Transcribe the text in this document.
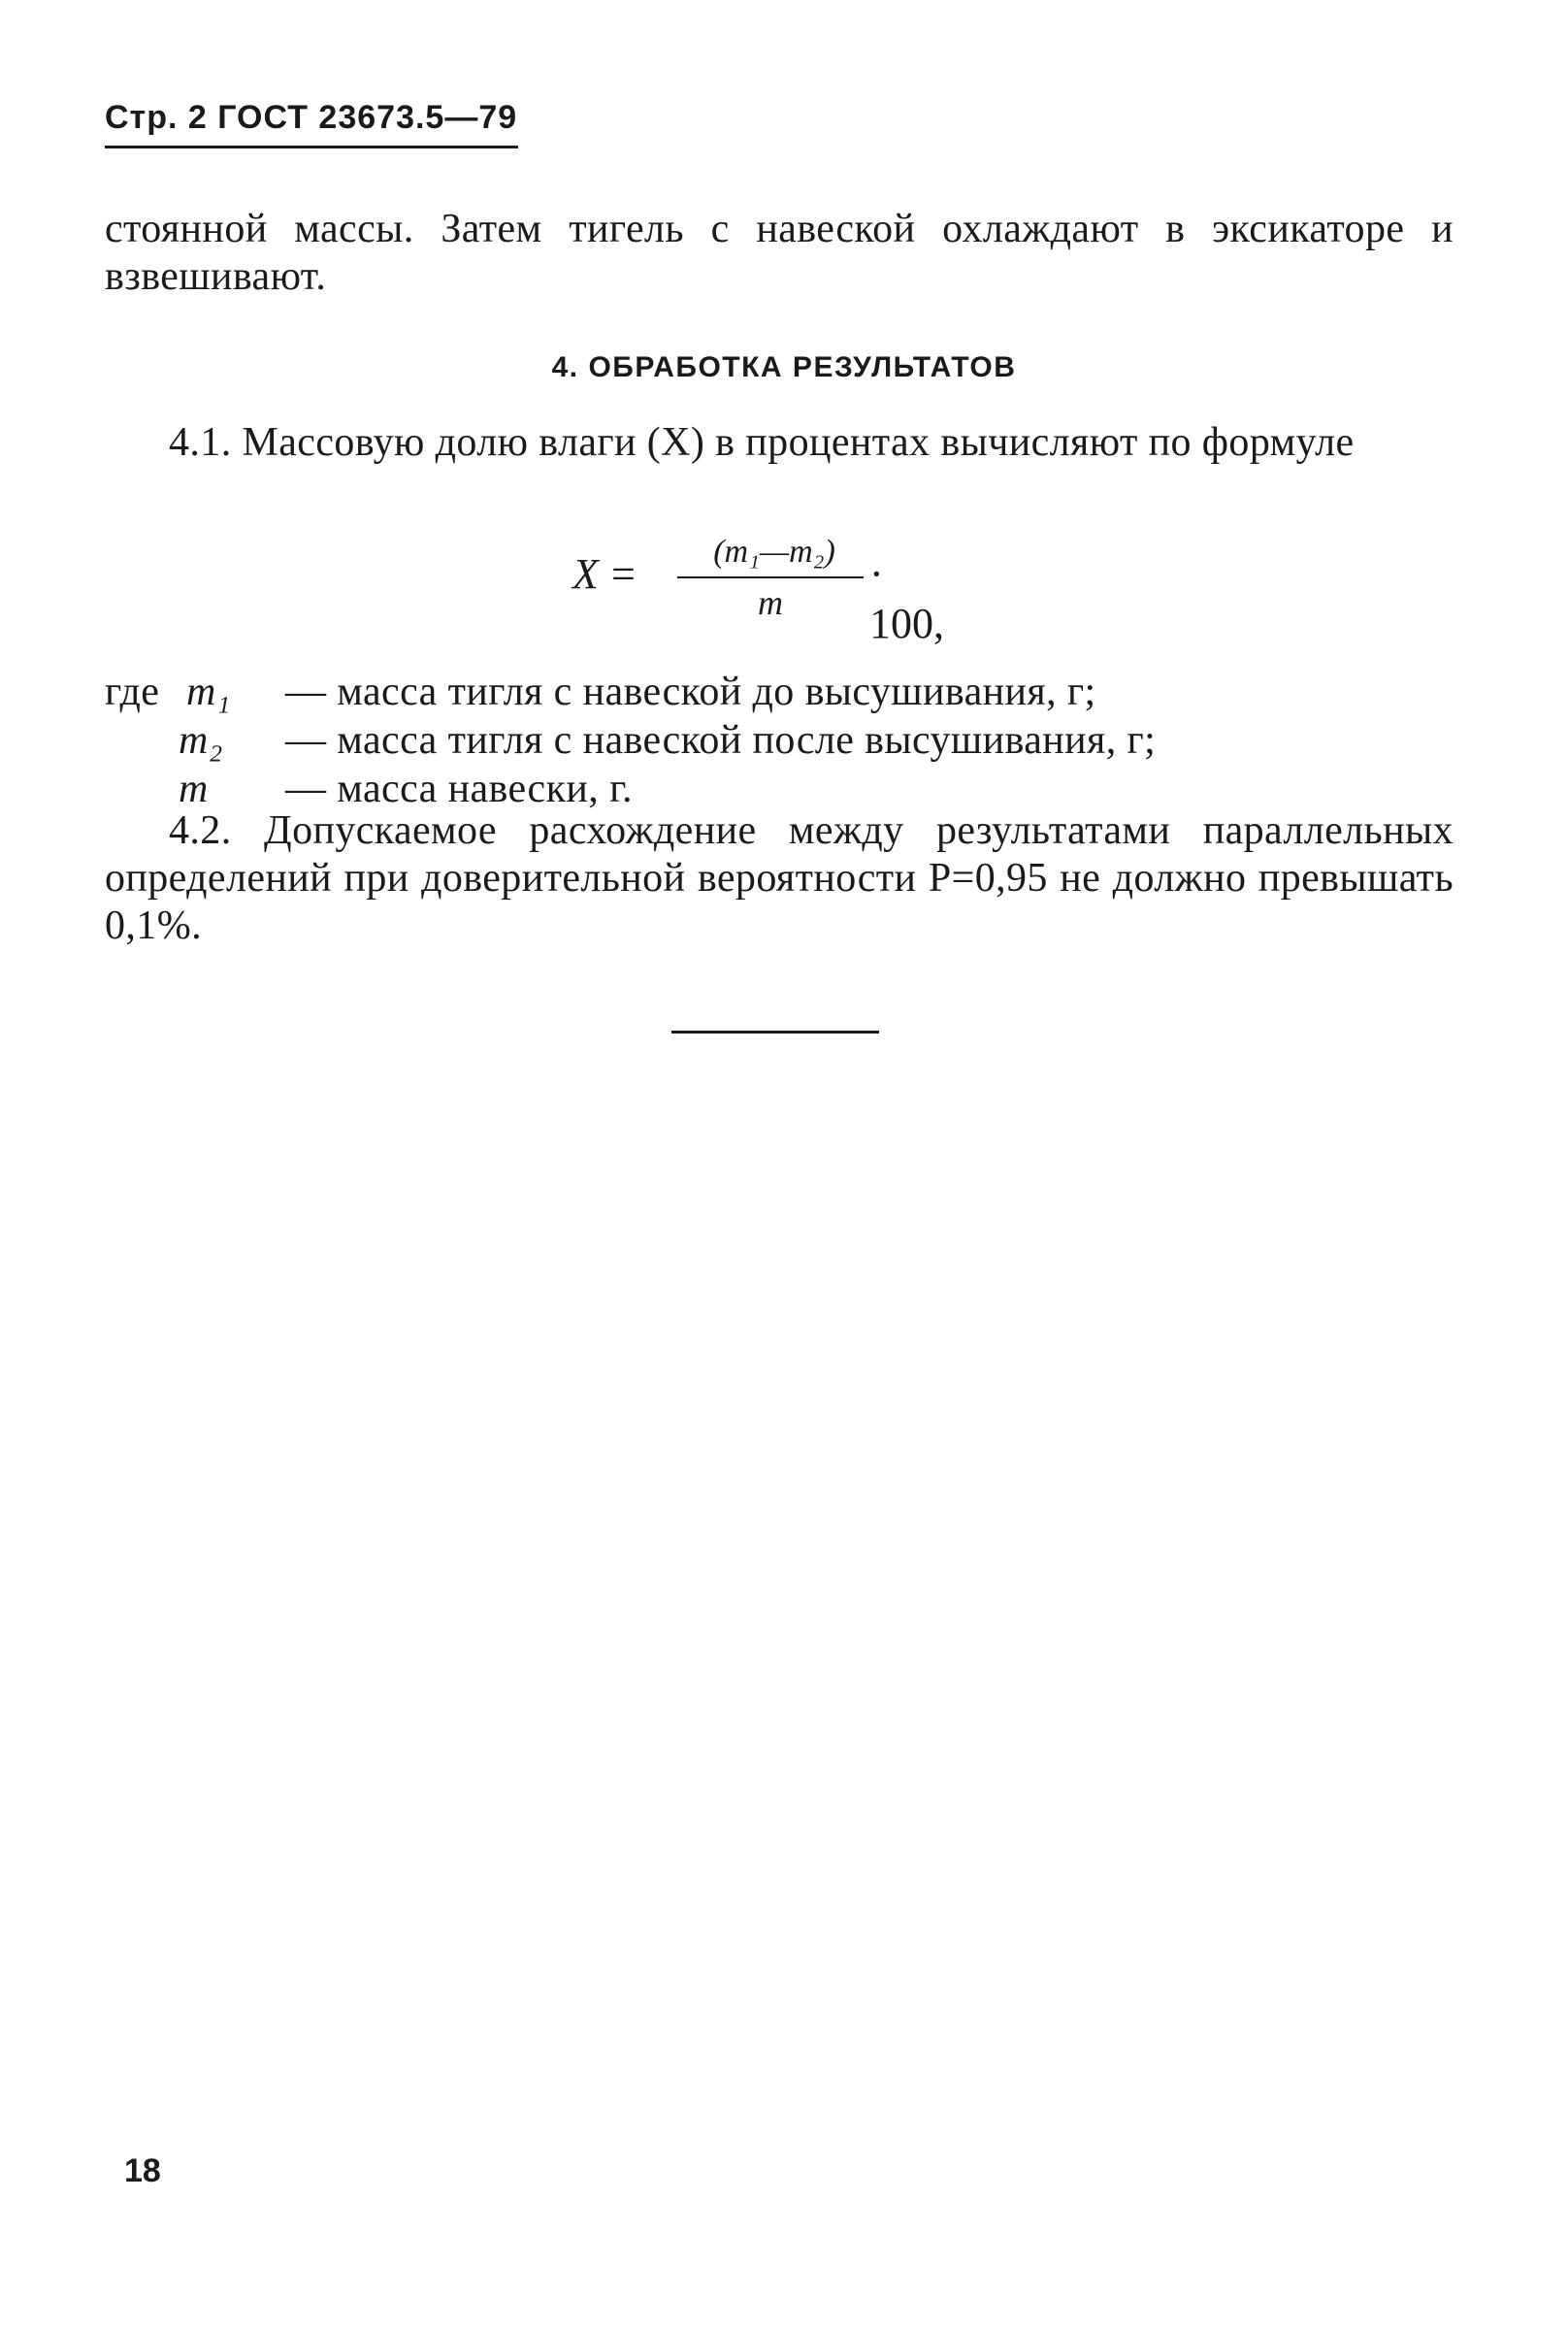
Стр. 2 ГОСТ 23673.5—79
стоянной массы. Затем тигель с навеской охлаждают в эксикаторе и взвешивают.
4. ОБРАБОТКА РЕЗУЛЬТАТОВ
4.1. Массовую долю влаги (X) в процентах вычисляют по формуле
X =	(m₁—m₂)
m
· 100,
где m₁ — масса тигля с навеской до высушивания, г;
m₂ — масса тигля с навеской после высушивания, г;
m — масса навески, г.
4.2. Допускаемое расхождение между результатами параллельных определений при доверительной вероятности P=0,95 не должно превышать 0,1%.
18
